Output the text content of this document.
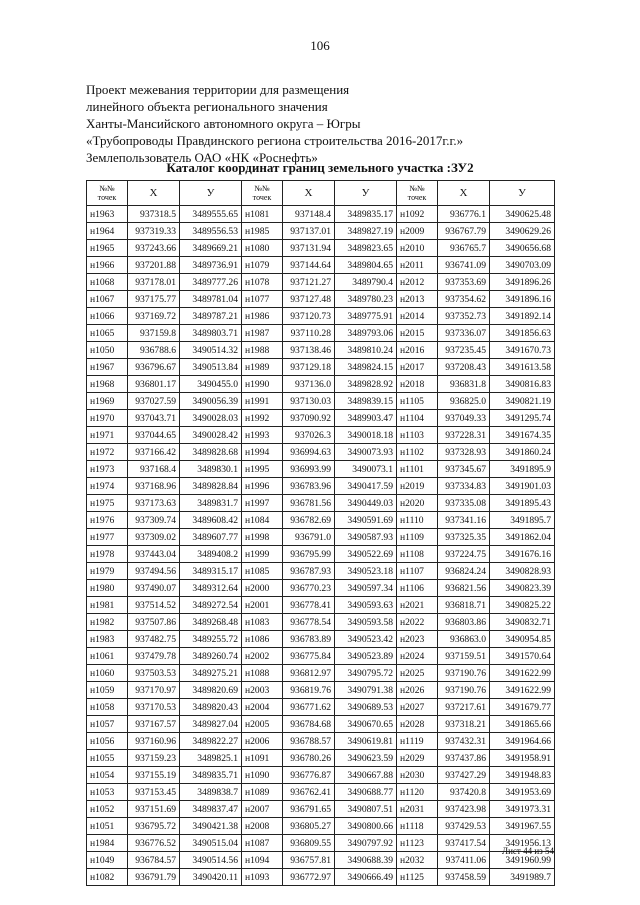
106
Проект межевания территории для размещения
линейного объекта регионального значения
Ханты-Мансийского автономного округа – Югры
«Трубопроводы Правдинского региона строительства 2016-2017г.г.»
Землепользователь ОАО «НК «Роснефть»
Каталог координат границ земельного участка :ЗУ2
№№
точек	X	У	№№
точек	X	У	№№
точек	X	У
н1963	937318.5	3489555.65	н1081	937148.4	3489835.17	н1092	936776.1	3490625.48
н1964	937319.33	3489556.53	н1985	937137.01	3489827.19	н2009	936767.79	3490629.26
н1965	937243.66	3489669.21	н1080	937131.94	3489823.65	н2010	936765.7	3490656.68
н1966	937201.88	3489736.91	н1079	937144.64	3489804.65	н2011	936741.09	3490703.09
н1068	937178.01	3489777.26	н1078	937121.27	3489790.4	н2012	937353.69	3491896.26
н1067	937175.77	3489781.04	н1077	937127.48	3489780.23	н2013	937354.62	3491896.16
н1066	937169.72	3489787.21	н1986	937120.73	3489775.91	н2014	937352.73	3491892.14
н1065	937159.8	3489803.71	н1987	937110.28	3489793.06	н2015	937336.07	3491856.63
н1050	936788.6	3490514.32	н1988	937138.46	3489810.24	н2016	937235.45	3491670.73
н1967	936796.67	3490513.84	н1989	937129.18	3489824.15	н2017	937208.43	3491613.58
н1968	936801.17	3490455.0	н1990	937136.0	3489828.92	н2018	936831.8	3490816.83
н1969	937027.59	3490056.39	н1991	937130.03	3489839.15	н1105	936825.0	3490821.19
н1970	937043.71	3490028.03	н1992	937090.92	3489903.47	н1104	937049.33	3491295.74
н1971	937044.65	3490028.42	н1993	937026.3	3490018.18	н1103	937228.31	3491674.35
н1972	937166.42	3489828.68	н1994	936994.63	3490073.93	н1102	937328.93	3491860.24
н1973	937168.4	3489830.1	н1995	936993.99	3490073.1	н1101	937345.67	3491895.9
н1974	937168.96	3489828.84	н1996	936783.96	3490417.59	н2019	937334.83	3491901.03
н1975	937173.63	3489831.7	н1997	936781.56	3490449.03	н2020	937335.08	3491895.43
н1976	937309.74	3489608.42	н1084	936782.69	3490591.69	н1110	937341.16	3491895.7
н1977	937309.02	3489607.77	н1998	936791.0	3490587.93	н1109	937325.35	3491862.04
н1978	937443.04	3489408.2	н1999	936795.99	3490522.69	н1108	937224.75	3491676.16
н1979	937494.56	3489315.17	н1085	936787.93	3490523.18	н1107	936824.24	3490828.93
н1980	937490.07	3489312.64	н2000	936770.23	3490597.34	н1106	936821.56	3490823.39
н1981	937514.52	3489272.54	н2001	936778.41	3490593.63	н2021	936818.71	3490825.22
н1982	937507.86	3489268.48	н1083	936778.54	3490593.58	н2022	936803.86	3490832.71
н1983	937482.75	3489255.72	н1086	936783.89	3490523.42	н2023	936863.0	3490954.85
н1061	937479.78	3489260.74	н2002	936775.84	3490523.89	н2024	937159.51	3491570.64
н1060	937503.53	3489275.21	н1088	936812.97	3490795.72	н2025	937190.76	3491622.99
н1059	937170.97	3489820.69	н2003	936819.76	3490791.38	н2026	937190.76	3491622.99
н1058	937170.53	3489820.43	н2004	936771.62	3490689.53	н2027	937217.61	3491679.77
н1057	937167.57	3489827.04	н2005	936784.68	3490670.65	н2028	937318.21	3491865.66
н1056	937160.96	3489822.27	н2006	936788.57	3490619.81	н1119	937432.31	3491964.66
н1055	937159.23	3489825.1	н1091	936780.26	3490623.59	н2029	937437.86	3491958.91
н1054	937155.19	3489835.71	н1090	936776.87	3490667.88	н2030	937427.29	3491948.83
н1053	937153.45	3489838.7	н1089	936762.41	3490688.77	н1120	937420.8	3491953.69
н1052	937151.69	3489837.47	н2007	936791.65	3490807.51	н2031	937423.98	3491973.31
н1051	936795.72	3490421.38	н2008	936805.27	3490800.66	н1118	937429.53	3491967.55
н1984	936776.52	3490515.04	н1087	936809.55	3490797.92	н1123	937417.54	3491956.13
н1049	936784.57	3490514.56	н1094	936757.81	3490688.39	н2032	937411.06	3491960.99
н1082	936791.79	3490420.11	н1093	936772.97	3490666.49	н1125	937458.59	3491989.7
Лист 44 из 54
